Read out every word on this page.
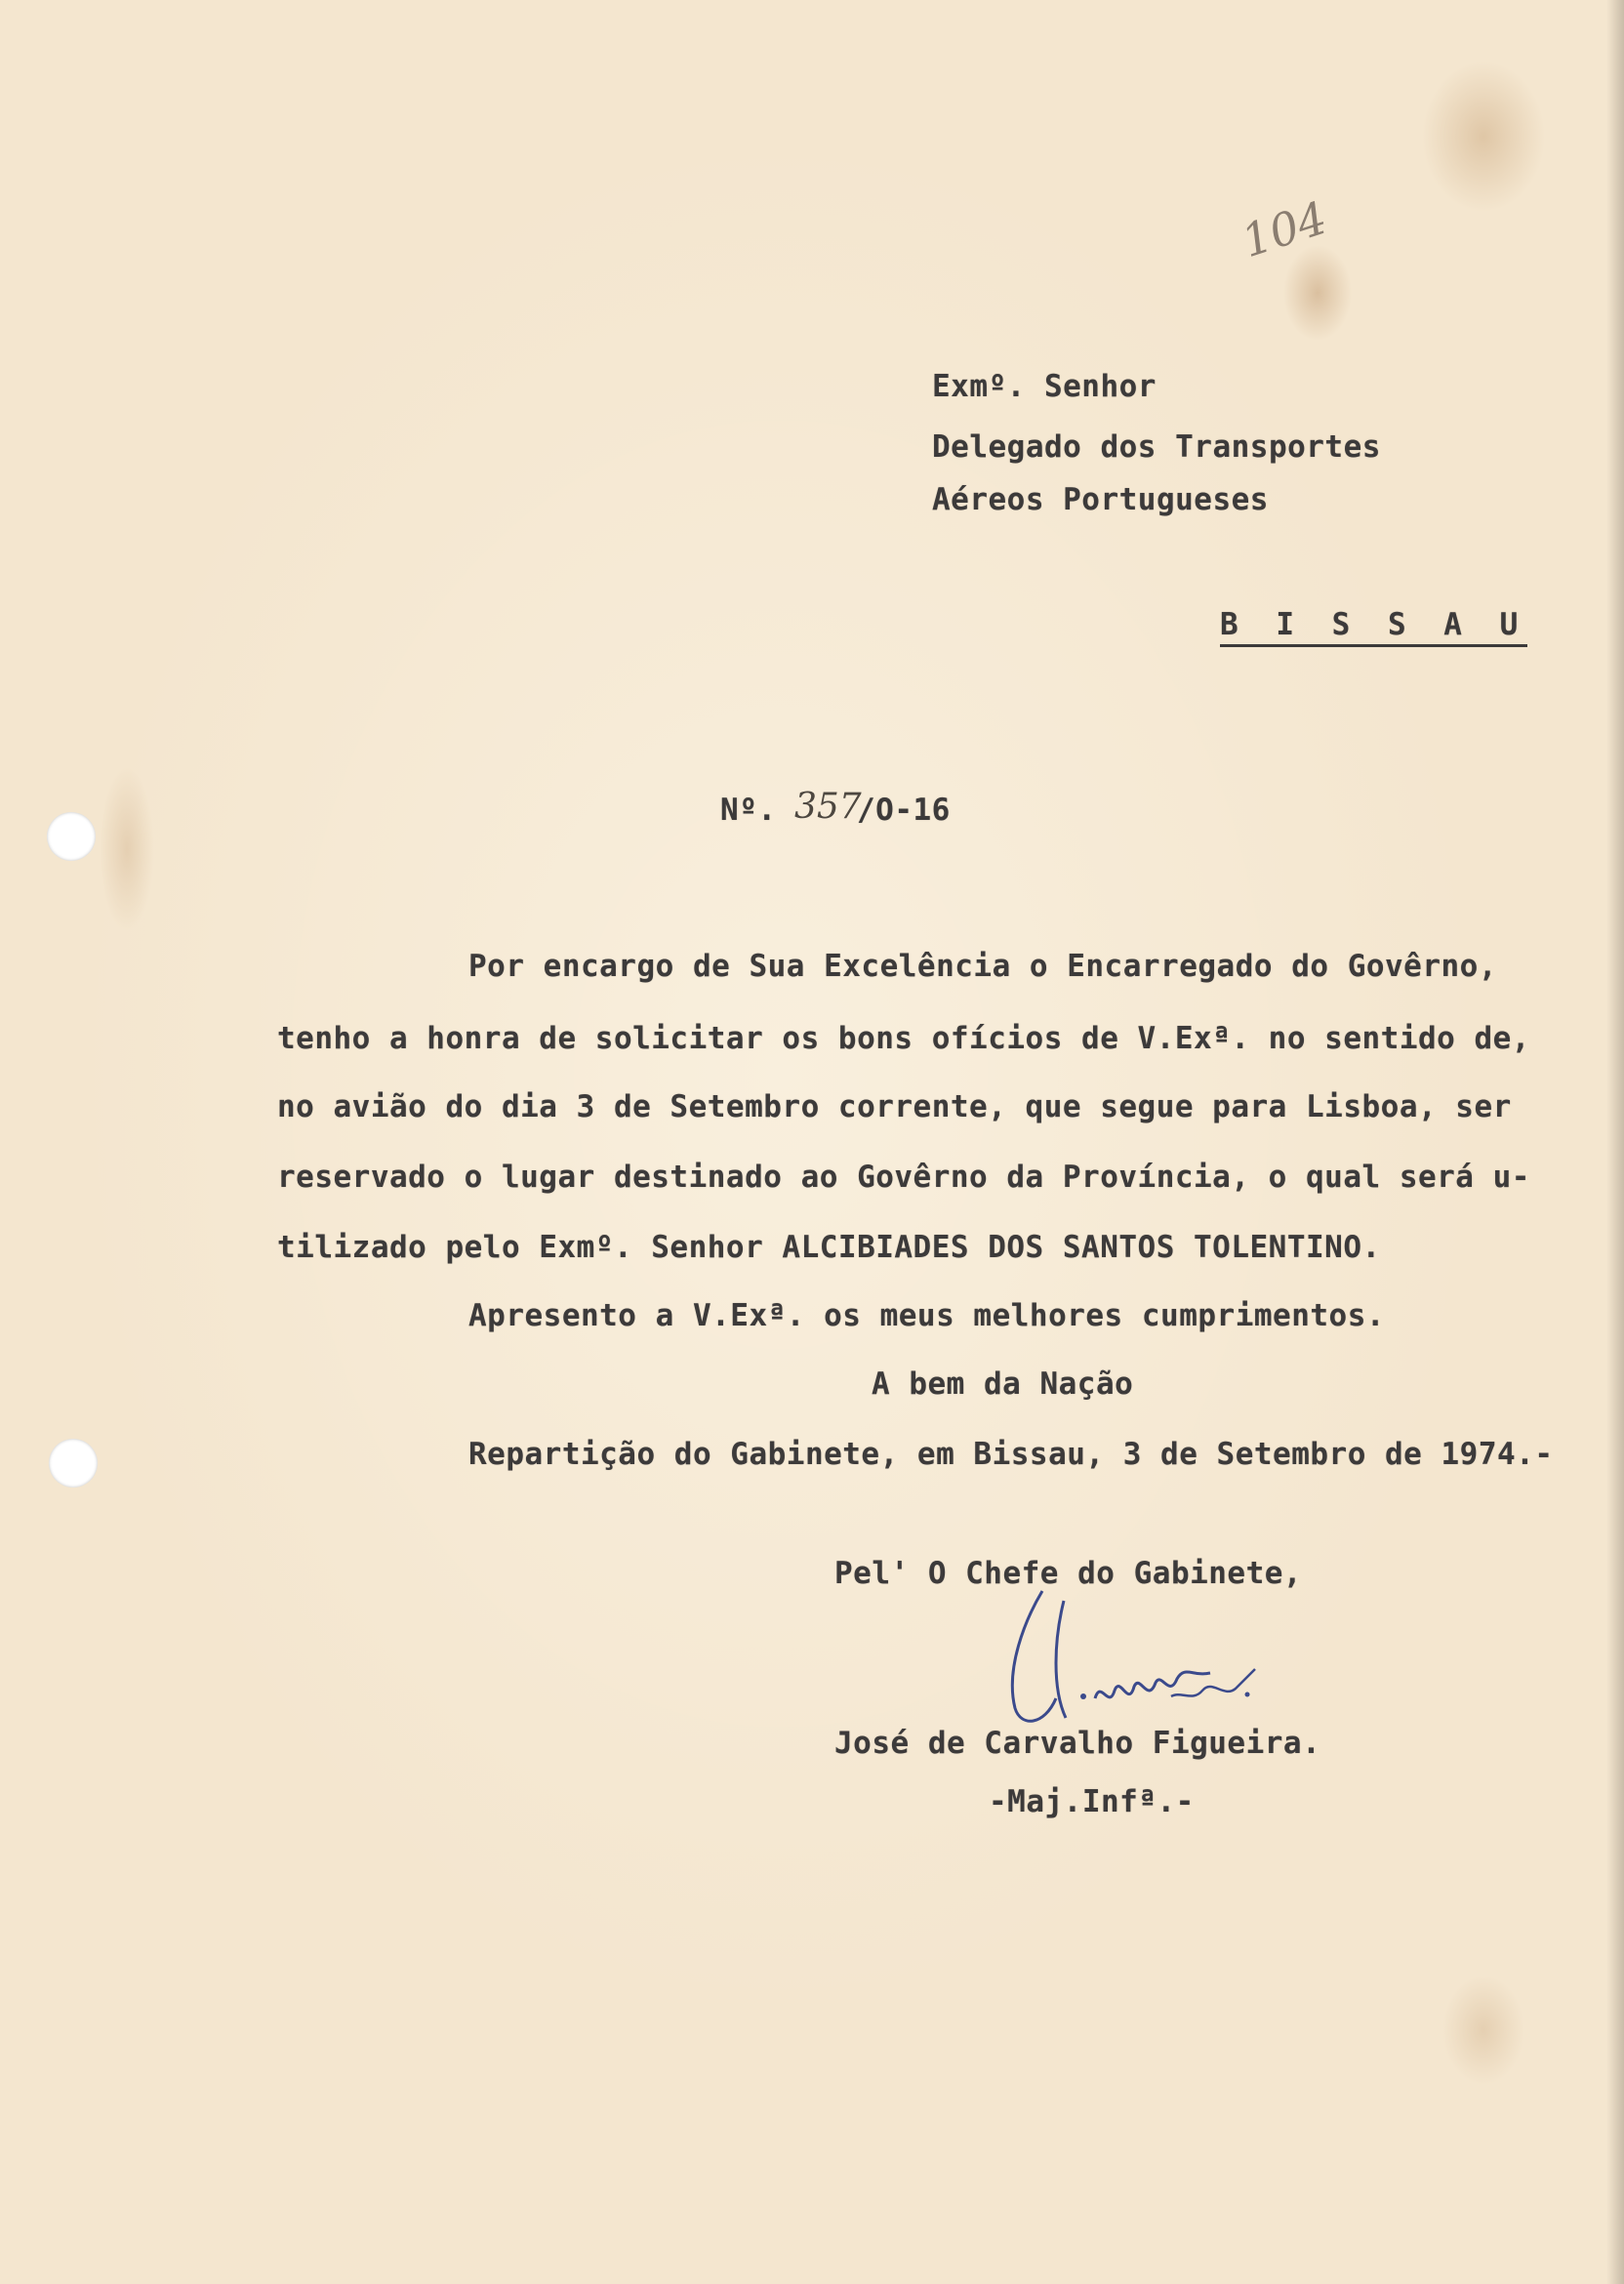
104
Exmº. Senhor
Delegado dos Transportes
Aéreos Portugueses
B I S S A U
Nº. 357
/O-16
Por encargo de Sua Excelência o Encarregado do Govêrno,
tenho a honra de solicitar os bons ofícios de V.Exª. no sentido de,
no avião do dia 3 de Setembro corrente, que segue para Lisboa, ser
reservado o lugar destinado ao Govêrno da Província, o qual será u-
tilizado pelo Exmº. Senhor ALCIBIADES DOS SANTOS TOLENTINO.
Apresento a V.Exª. os meus melhores cumprimentos.
A bem da Nação
Repartição do Gabinete, em Bissau, 3 de Setembro de 1974.-
Pel' O Chefe do Gabinete,
José de Carvalho Figueira.
-Maj.Infª.-
